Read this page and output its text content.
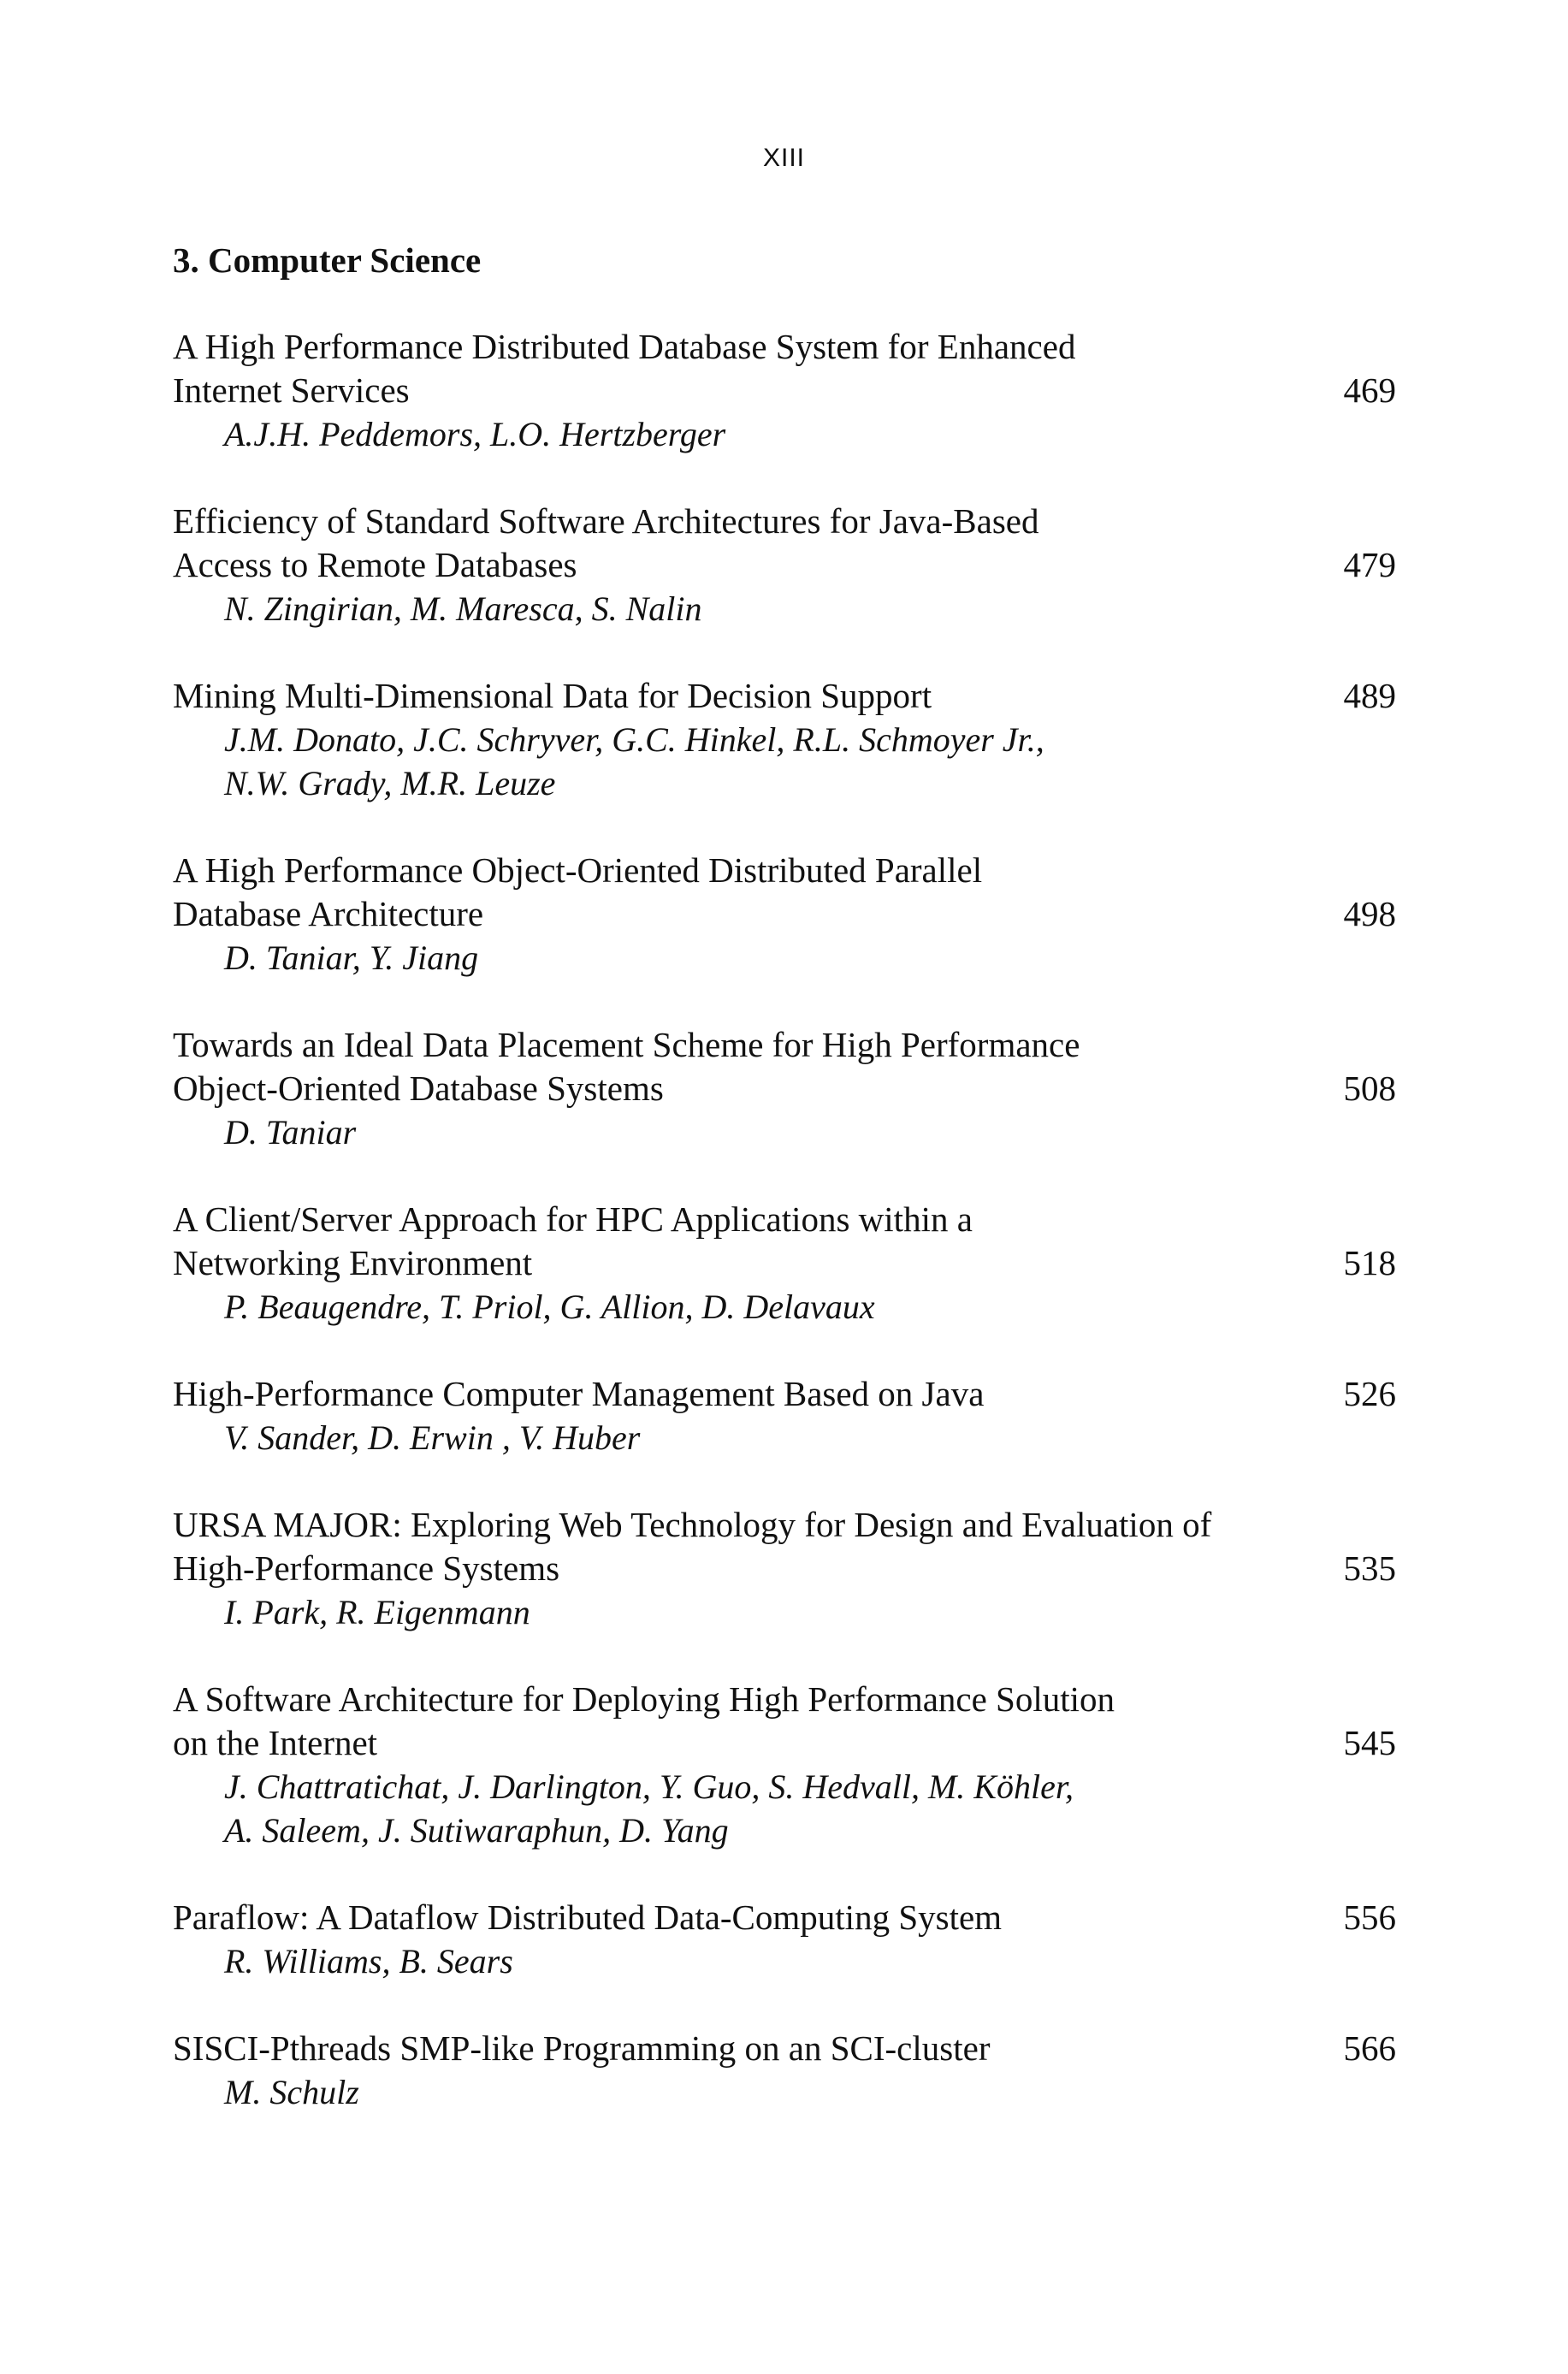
XIII
3. Computer Science
A High Performance Distributed Database System for Enhanced
Internet Services
A.J.H. Peddemors, L.O. Hertzberger
469
Efficiency of Standard Software Architectures for Java-Based
Access to Remote Databases
N. Zingirian, M. Maresca, S. Nalin
479
Mining Multi-Dimensional Data for Decision Support
J.M. Donato, J.C. Schryver, G.C. Hinkel, R.L. Schmoyer Jr.,
N.W. Grady, M.R. Leuze
489
A High Performance Object-Oriented Distributed Parallel
Database Architecture
D. Taniar, Y. Jiang
498
Towards an Ideal Data Placement Scheme for High Performance
Object-Oriented Database Systems
D. Taniar
508
A Client/Server Approach for HPC Applications within a
Networking Environment
P. Beaugendre, T. Priol, G. Allion, D. Delavaux
518
High-Performance Computer Management Based on Java
V. Sander, D. Erwin , V. Huber
526
URSA MAJOR: Exploring Web Technology for Design and Evaluation of
High-Performance Systems
I. Park, R. Eigenmann
535
A Software Architecture for Deploying High Performance Solution
on the Internet
J. Chattratichat, J. Darlington, Y. Guo, S. Hedvall, M. Köhler,
A. Saleem, J. Sutiwaraphun, D. Yang
545
Paraflow: A Dataflow Distributed Data-Computing System
R. Williams, B. Sears
556
SISCI-Pthreads SMP-like Programming on an SCI-cluster
M. Schulz
566
